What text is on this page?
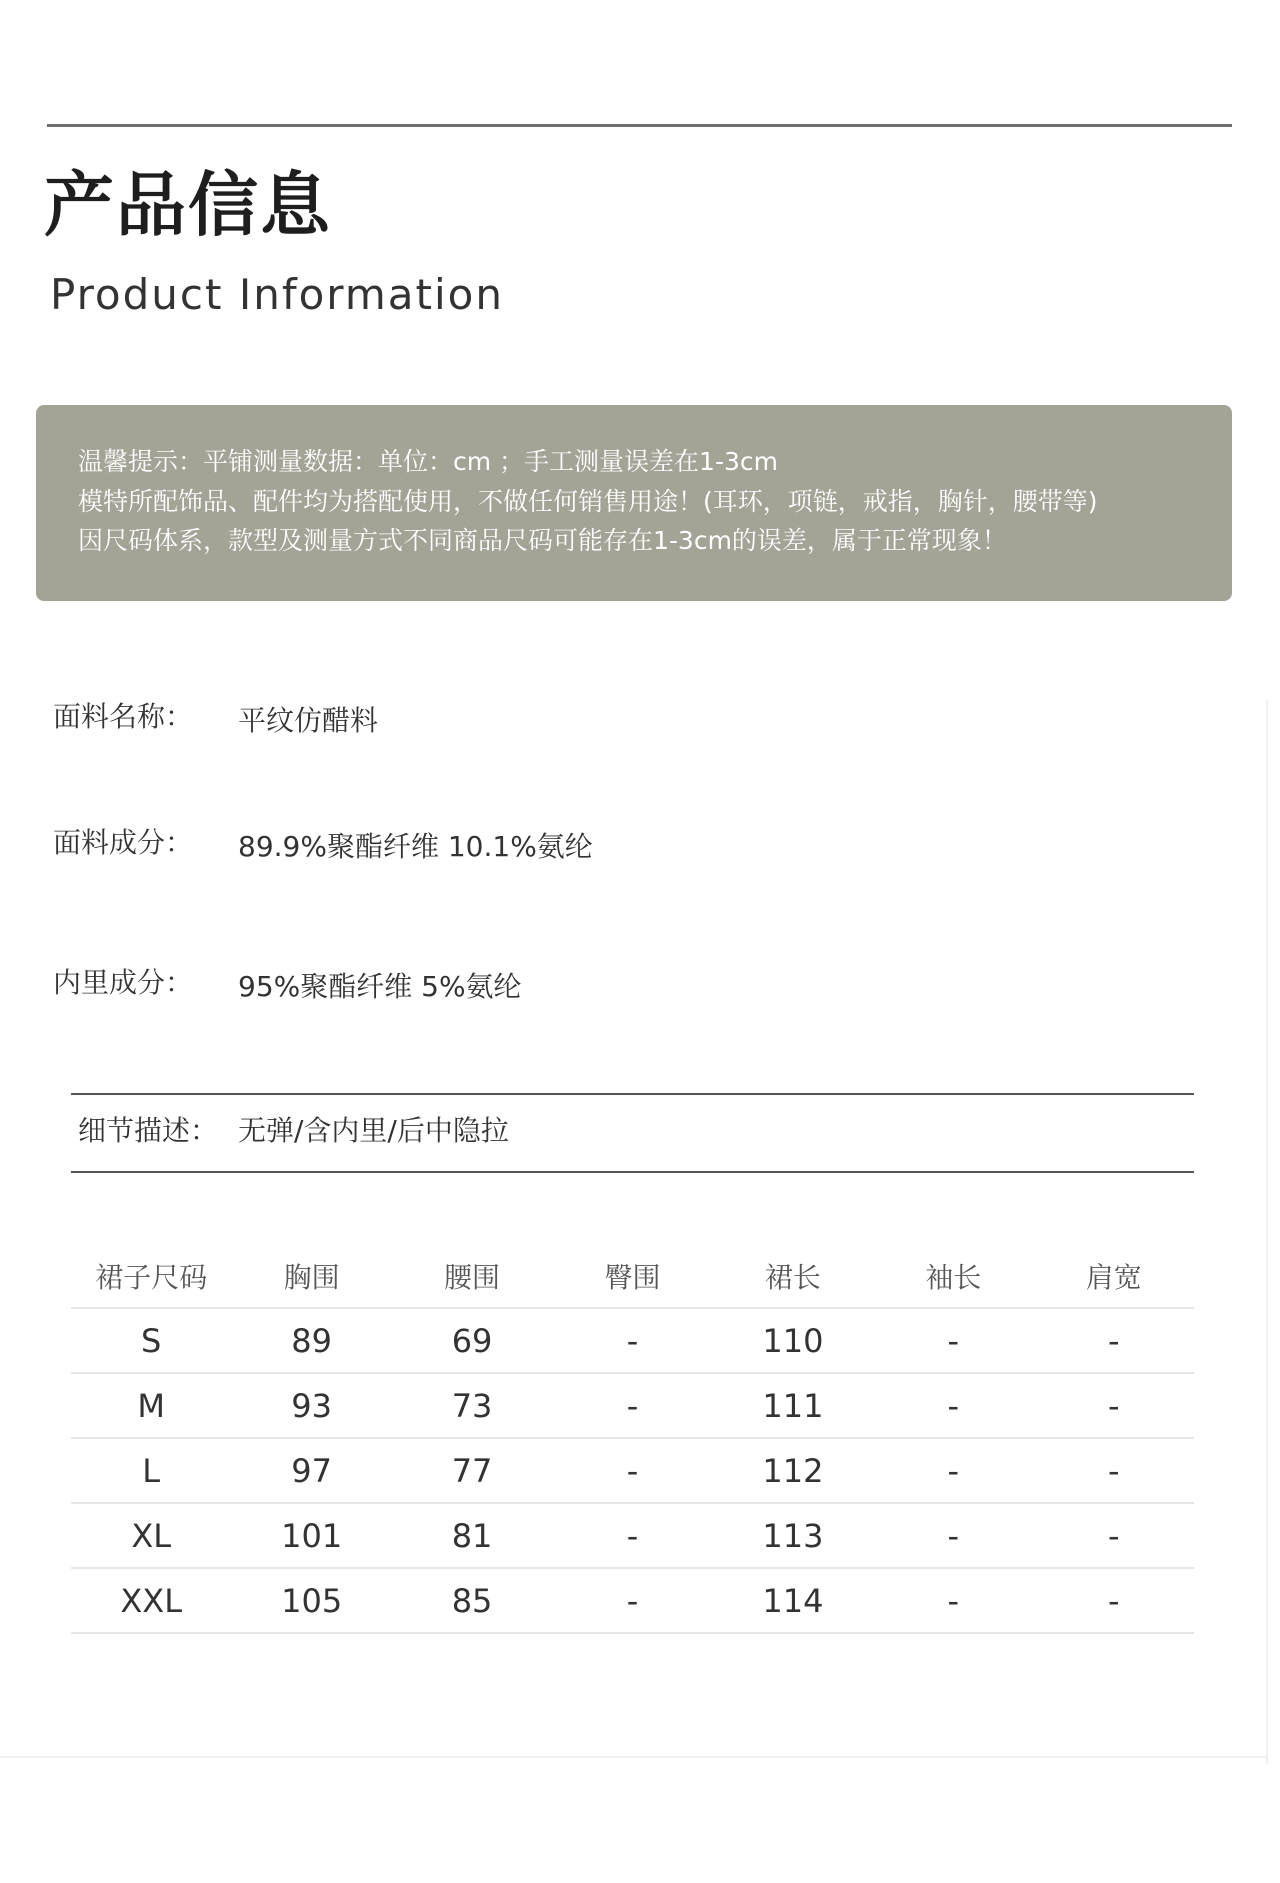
产品信息
Product Information
温馨提示：平铺测量数据：单位：cm ；手工测量误差在1-3cm
模特所配饰品、配件均为搭配使用，不做任何销售用途！(耳环，项链，戒指，胸针，腰带等)
因尺码体系，款型及测量方式不同商品尺码可能存在1-3cm的误差，属于正常现象！
面料名称： 平纹仿醋料
面料成分： 89.9%聚酯纤维 10.1%氨纶
内里成分： 95%聚酯纤维 5%氨纶
细节描述： 无弹/含内里/后中隐拉
裙子尺码	胸围	腰围	臀围	裙长	袖长	肩宽
S	89	69	-	110	-	-
M	93	73	-	111	-	-
L	97	77	-	112	-	-
XL	101	81	-	113	-	-
XXL	105	85	-	114	-	-
